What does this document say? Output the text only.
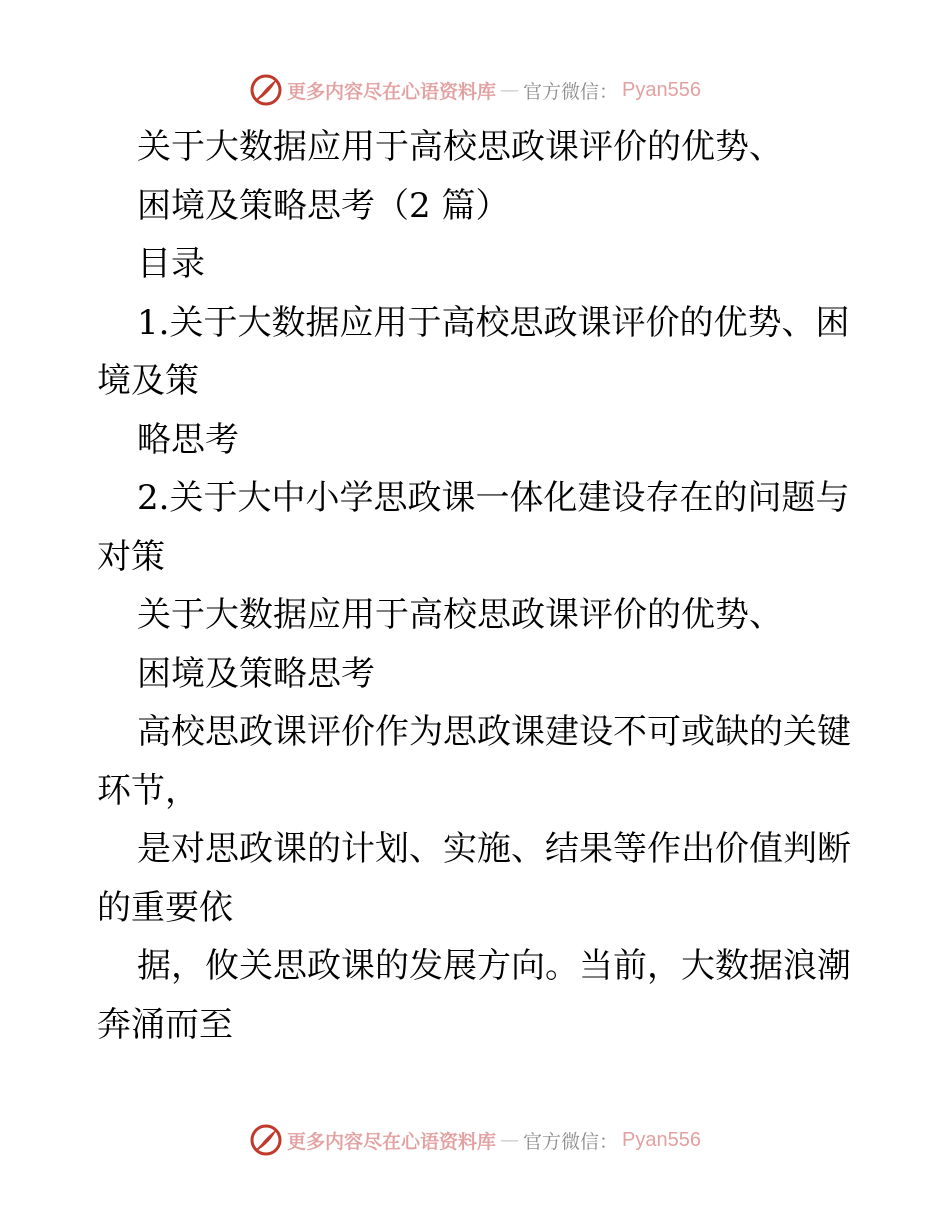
更多内容尽在心语资料库 — 官方微信： Pyan556
关于大数据应用于高校思政课评价的优势、
困境及策略思考（2 篇）
目录
1.关于大数据应用于高校思政课评价的优势、困
境及策
略思考
2.关于大中小学思政课一体化建设存在的问题与
对策
关于大数据应用于高校思政课评价的优势、
困境及策略思考
高校思政课评价作为思政课建设不可或缺的关键
环节，
是对思政课的计划、实施、结果等作出价值判断
的重要依
据，攸关思政课的发展方向。当前，大数据浪潮
奔涌而至
更多内容尽在心语资料库 — 官方微信： Pyan556
